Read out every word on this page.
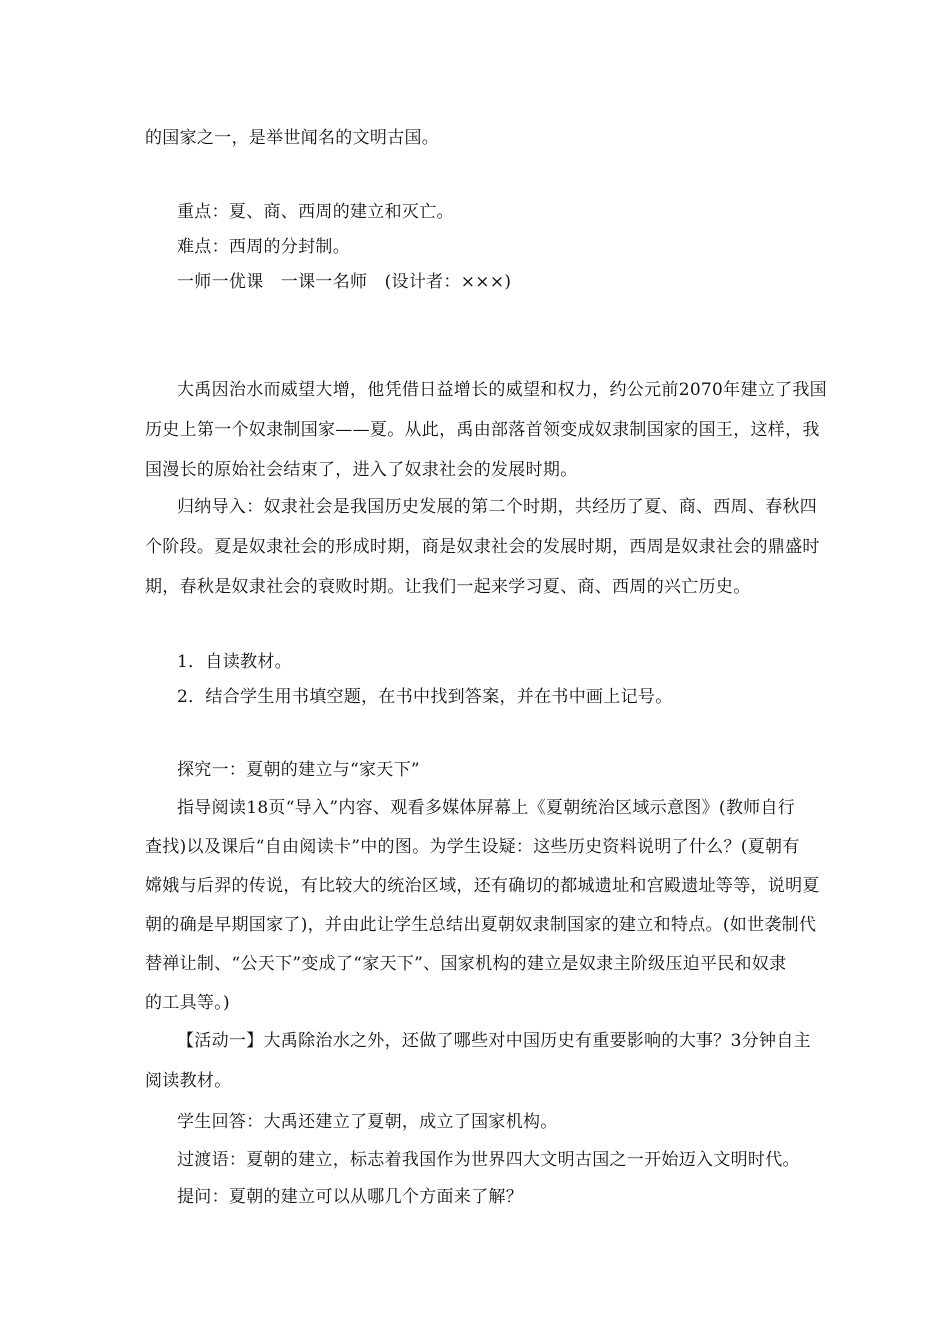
的国家之一，是举世闻名的文明古国。
重点：夏、商、西周的建立和灭亡。
难点：西周的分封制。
一师一优课　一课一名师　(设计者：×××)
大禹因治水而威望大增，他凭借日益增长的威望和权力，约公元前2070年建立了我国
历史上第一个奴隶制国家——夏。从此，禹由部落首领变成奴隶制国家的国王，这样，我
国漫长的原始社会结束了，进入了奴隶社会的发展时期。
归纳导入：奴隶社会是我国历史发展的第二个时期，共经历了夏、商、西周、春秋四
个阶段。夏是奴隶社会的形成时期，商是奴隶社会的发展时期，西周是奴隶社会的鼎盛时
期，春秋是奴隶社会的衰败时期。让我们一起来学习夏、商、西周的兴亡历史。
1．自读教材。
2．结合学生用书填空题，在书中找到答案，并在书中画上记号。
探究一：夏朝的建立与“家天下”
指导阅读18页“导入”内容、观看多媒体屏幕上《夏朝统治区域示意图》(教师自行
查找)以及课后“自由阅读卡”中的图。为学生设疑：这些历史资料说明了什么？(夏朝有
嫦娥与后羿的传说，有比较大的统治区域，还有确切的都城遗址和宫殿遗址等等，说明夏
朝的确是早期国家了)，并由此让学生总结出夏朝奴隶制国家的建立和特点。(如世袭制代
替禅让制、“公天下”变成了“家天下”、国家机构的建立是奴隶主阶级压迫平民和奴隶
的工具等。)
【活动一】大禹除治水之外，还做了哪些对中国历史有重要影响的大事？3分钟自主
阅读教材。
学生回答：大禹还建立了夏朝，成立了国家机构。
过渡语：夏朝的建立，标志着我国作为世界四大文明古国之一开始迈入文明时代。
提问：夏朝的建立可以从哪几个方面来了解？
